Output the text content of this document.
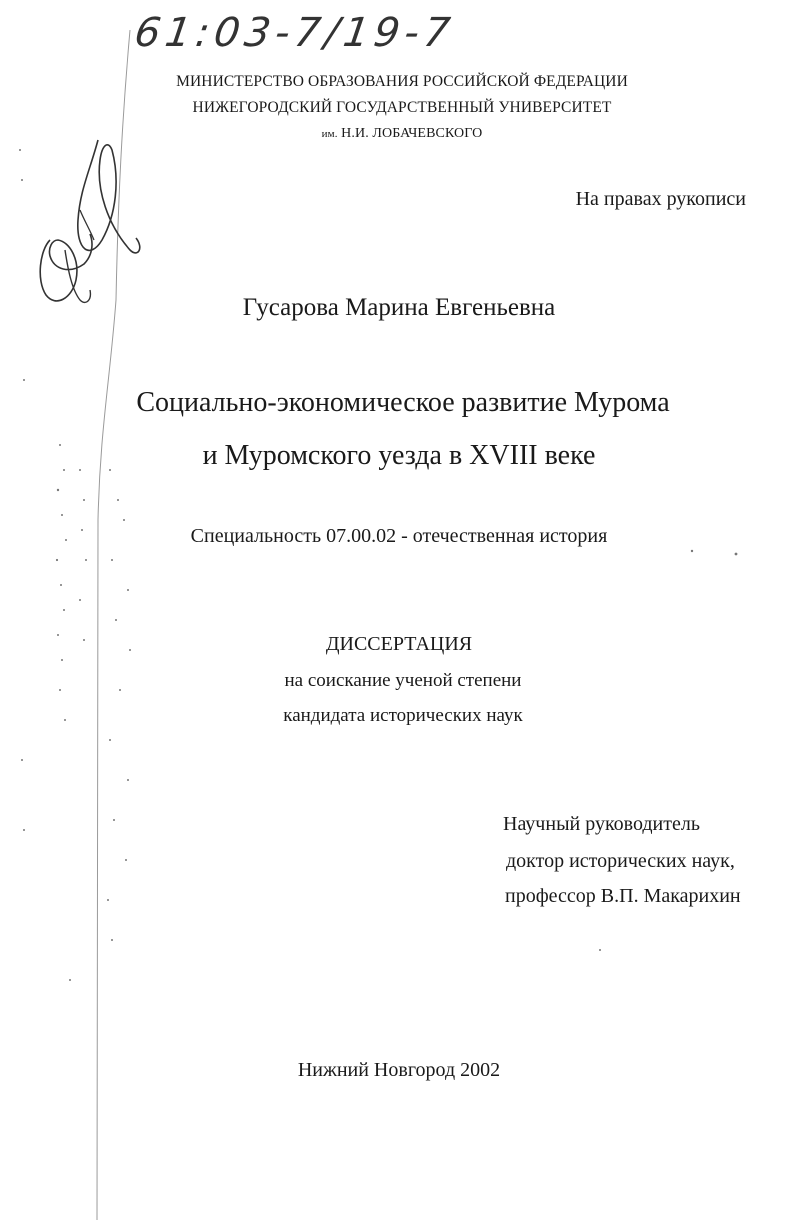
61:03-7/19-7
МИНИСТЕРСТВО ОБРАЗОВАНИЯ РОССИЙСКОЙ ФЕДЕРАЦИИ
НИЖЕГОРОДСКИЙ ГОСУДАРСТВЕННЫЙ УНИВЕРСИТЕТ
им. Н.И. ЛОБАЧЕВСКОГО
На правах рукописи
Гусарова Марина Евгеньевна
Социально-экономическое развитие Мурома
и Муромского уезда в XVIII веке
Специальность 07.00.02 - отечественная история
ДИССЕРТАЦИЯ
на соискание ученой степени
кандидата исторических наук
Научный руководитель
доктор исторических наук,
профессор В.П. Макарихин
Нижний Новгород 2002
